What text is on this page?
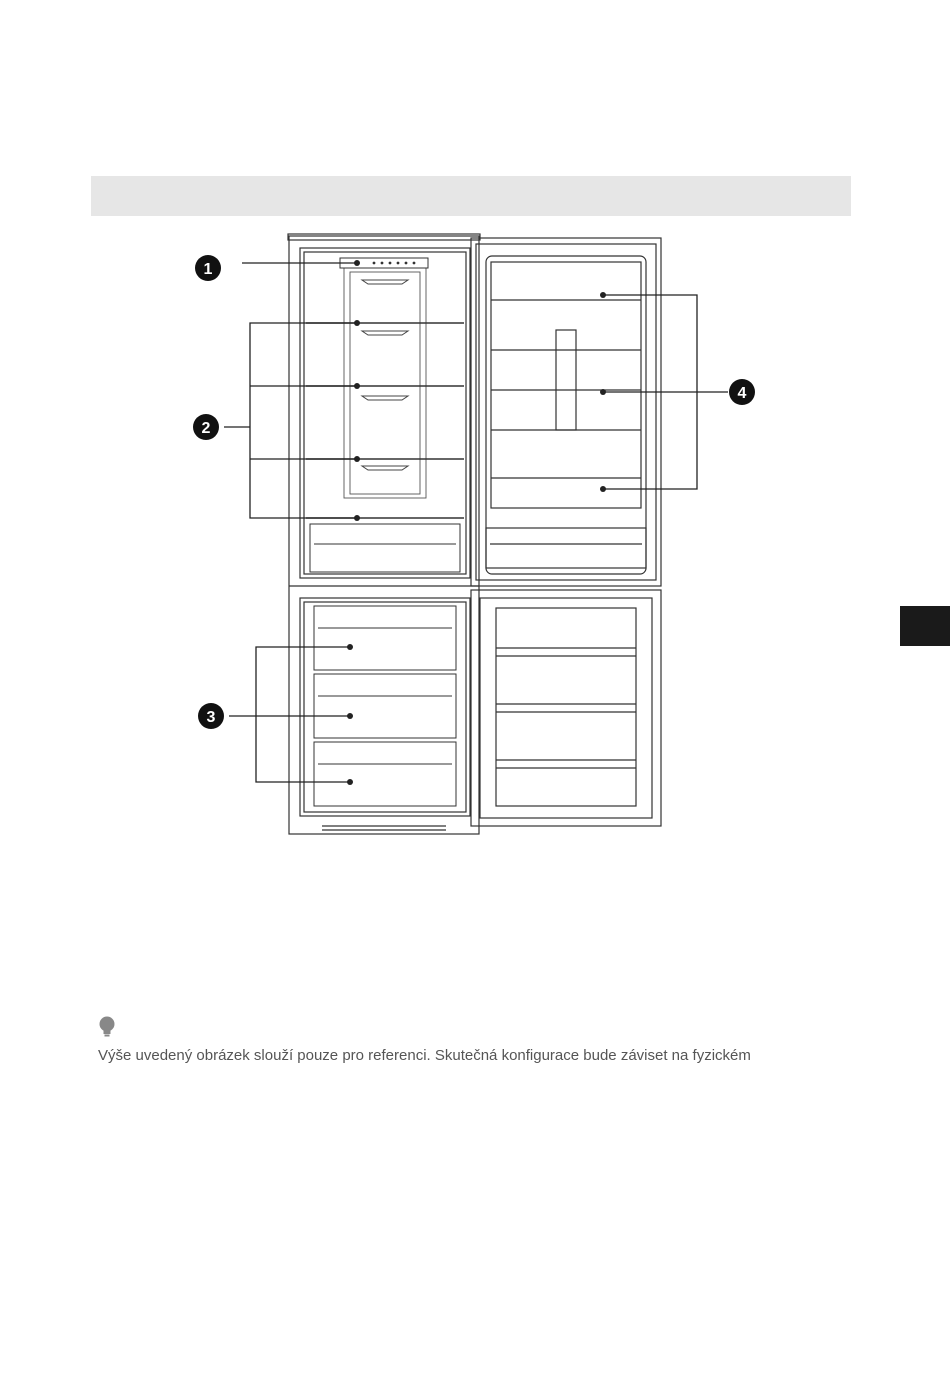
1
2
3
4
Výše uvedený obrázek slouží pouze pro referenci. Skutečná konfigurace bude záviset na fyzickém
